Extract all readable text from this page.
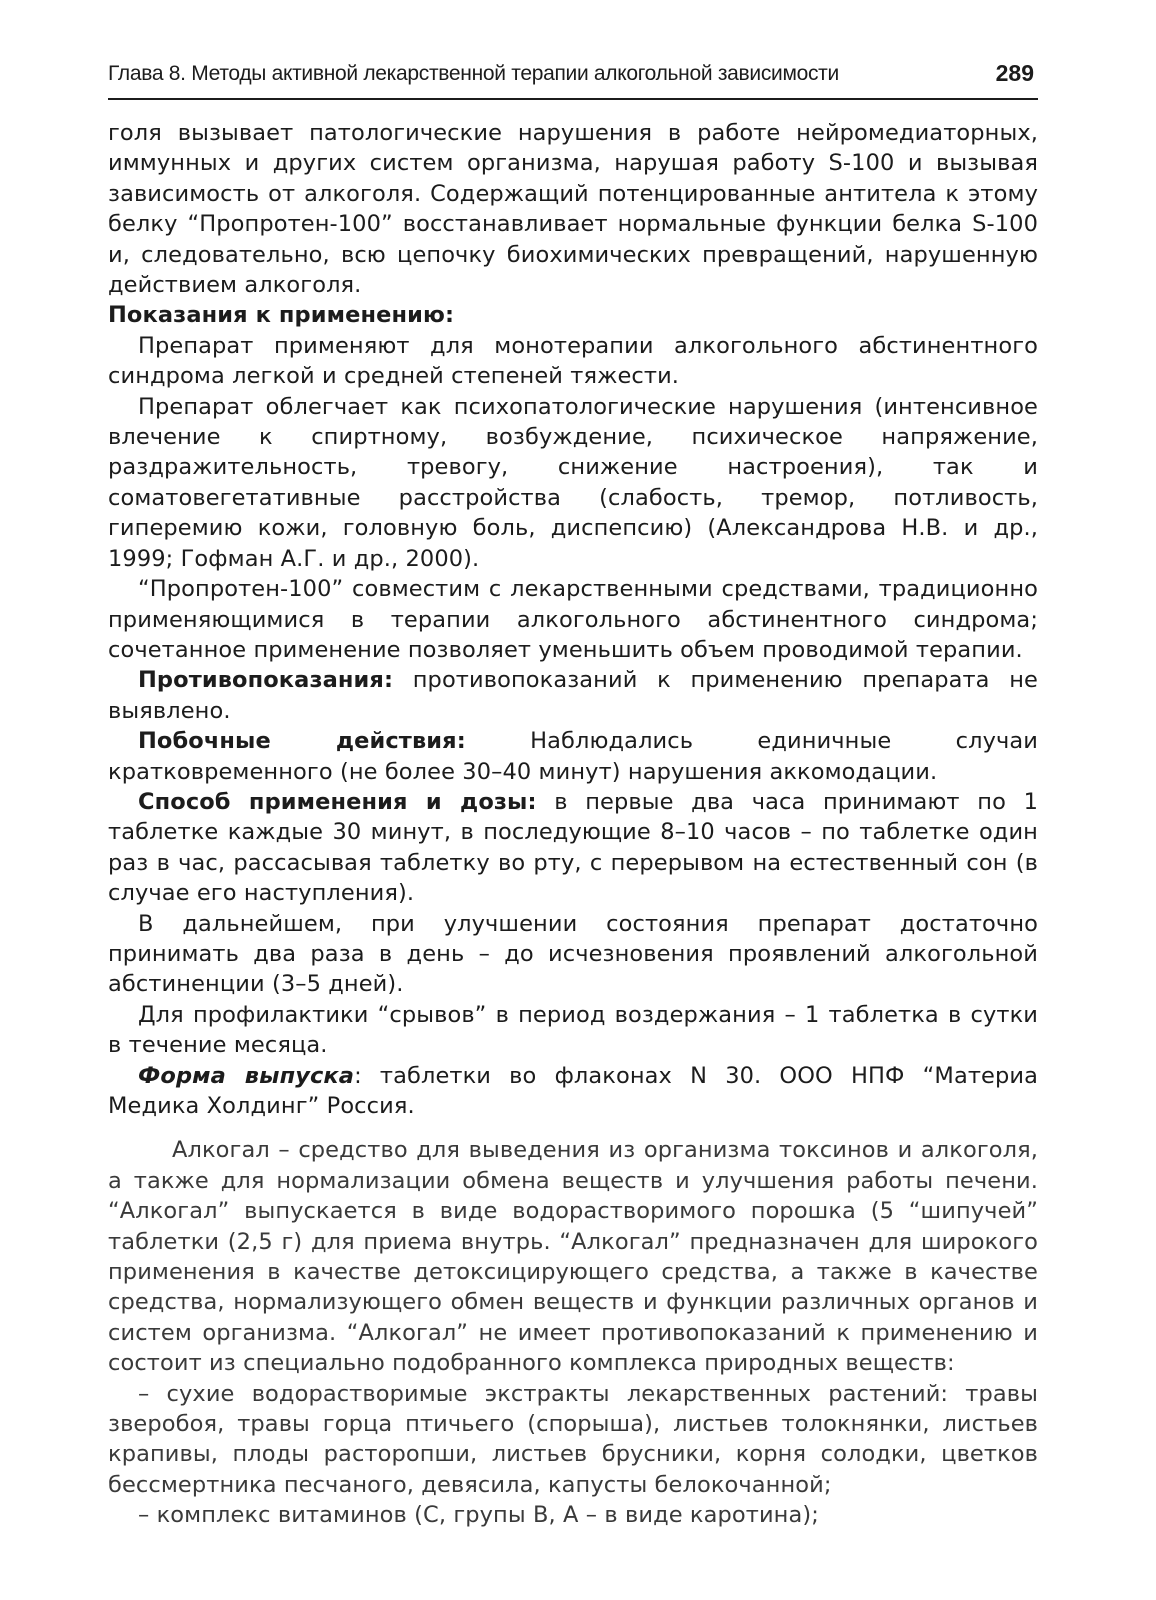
Глава 8. Методы активной лекарственной терапии алкогольной зависимости	289

голя вызывает патологические нарушения в работе нейромедиаторных, иммунных и других систем организма, нарушая работу S-100 и вызывая зависимость от алкоголя. Содержащий потенцированные антитела к этому белку “Пропротен-100” восстанавливает нормальные функции белка S-100 и, следовательно, всю цепочку биохимических превращений, нарушенную действием алкоголя.

Показания к применению:

Препарат применяют для монотерапии алкогольного абстинентного синдрома легкой и средней степеней тяжести.

Препарат облегчает как психопатологические нарушения (интенсивное влечение к спиртному, возбуждение, психическое напряжение, раздражительность, тревогу, снижение настроения), так и соматовегетативные расстройства (слабость, тремор, потливость, гиперемию кожи, головную боль, диспепсию) (Александрова Н.В. и др., 1999; Гофман А.Г. и др., 2000).

“Пропротен-100” совместим с лекарственными средствами, традиционно применяющимися в терапии алкогольного абстинентного синдрома; сочетанное применение позволяет уменьшить объем проводимой терапии.

Противопоказания: противопоказаний к применению препарата не выявлено.

Побочные действия: Наблюдались единичные случаи кратковременного (не более 30–40 минут) нарушения аккомодации.

Способ применения и дозы: в первые два часа принимают по 1 таблетке каждые 30 минут, в последующие 8–10 часов – по таблетке один раз в час, рассасывая таблетку во рту, с перерывом на естественный сон (в случае его наступления).

В дальнейшем, при улучшении состояния препарат достаточно принимать два раза в день – до исчезновения проявлений алкогольной абстиненции (3–5 дней).

Для профилактики “срывов” в период воздержания – 1 таблетка в сутки в течение месяца.

Форма выпуска: таблетки во флаконах N 30. ООО НПФ “Материа Медика Холдинг” Россия.

Алкогал – средство для выведения из организма токсинов и алкоголя, а также для нормализации обмена веществ и улучшения работы печени. “Алкогал” выпускается в виде водорастворимого порошка (5 “шипучей” таблетки (2,5 г) для приема внутрь. “Алкогал” предназначен для широкого применения в качестве детоксицирующего средства, а также в качестве средства, нормализующего обмен веществ и функции различных органов и систем организма. “Алкогал” не имеет противопоказаний к применению и состоит из специально подобранного комплекса природных веществ:

– сухие водорастворимые экстракты лекарственных растений: травы зверобоя, травы горца птичьего (спорыша), листьев толокнянки, листьев крапивы, плоды расторопши, листьев брусники, корня солодки, цветков бессмертника песчаного, девясила, капусты белокочанной;

– комплекс витаминов (С, групы В, А – в виде каротина);
